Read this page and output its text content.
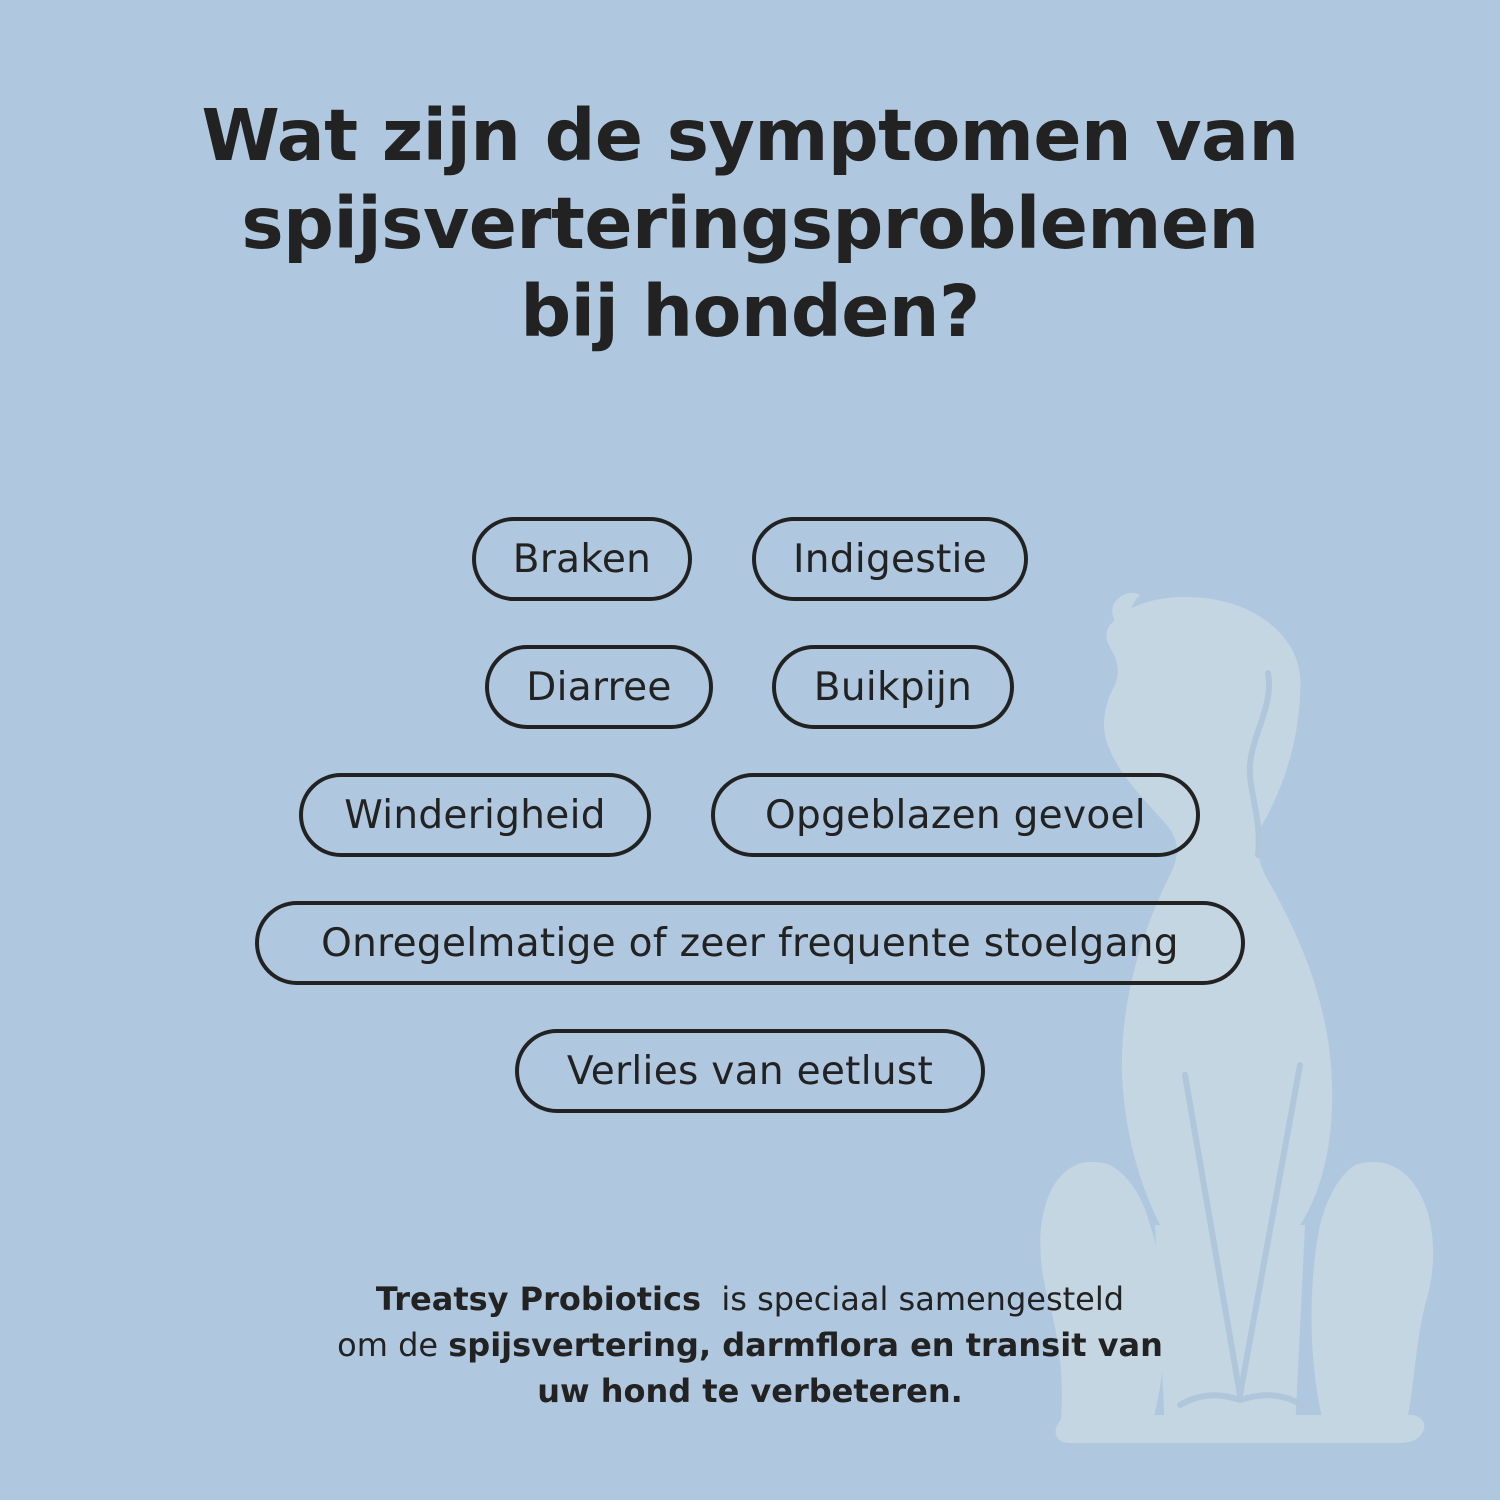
Wat zijn de symptomen van
spijsverteringsproblemen
bij honden?
Braken	Indigestie
Diarree	Buikpijn
Winderigheid	Opgeblazen gevoel
Onregelmatige of zeer frequente stoelgang
Verlies van eetlust
Treatsy Probiotics is speciaal samengesteld
om de spijsvertering, darmflora en transit van
uw hond te verbeteren.
